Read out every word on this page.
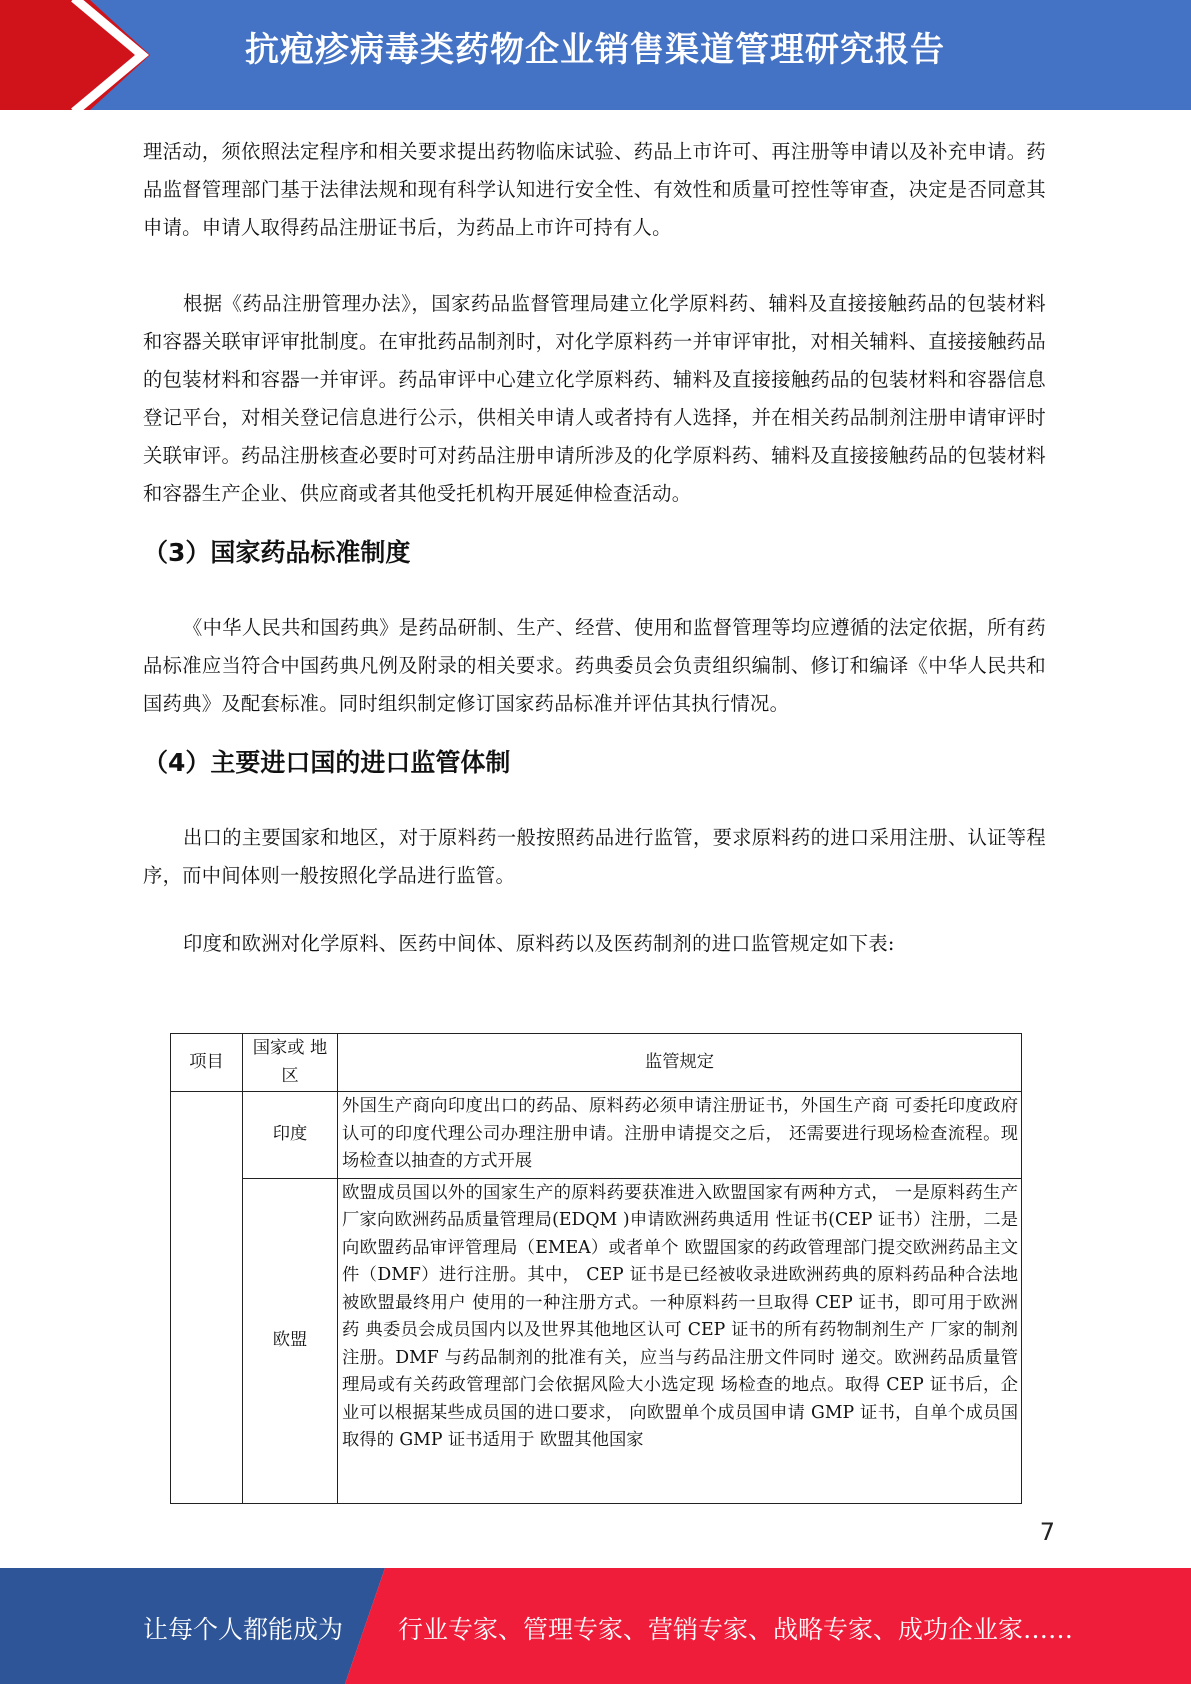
抗疱疹病毒类药物企业销售渠道管理研究报告

理活动，须依照法定程序和相关要求提出药物临床试验、药品上市许可、再注册等申请以及补充申请。药品监督管理部门基于法律法规和现有科学认知进行安全性、有效性和质量可控性等审查，决定是否同意其申请。申请人取得药品注册证书后，为药品上市许可持有人。

根据《药品注册管理办法》，国家药品监督管理局建立化学原料药、辅料及直接接触药品的包装材料和容器关联审评审批制度。在审批药品制剂时，对化学原料药一并审评审批，对相关辅料、直接接触药品的包装材料和容器一并审评。药品审评中心建立化学原料药、辅料及直接接触药品的包装材料和容器信息登记平台，对相关登记信息进行公示，供相关申请人或者持有人选择，并在相关药品制剂注册申请审评时关联审评。药品注册核查必要时可对药品注册申请所涉及的化学原料药、辅料及直接接触药品的包装材料和容器生产企业、供应商或者其他受托机构开展延伸检查活动。

（3）国家药品标准制度

《中华人民共和国药典》是药品研制、生产、经营、使用和监督管理等均应遵循的法定依据，所有药品标准应当符合中国药典凡例及附录的相关要求。药典委员会负责组织编制、修订和编译《中华人民共和国药典》及配套标准。同时组织制定修订国家药品标准并评估其执行情况。

（4）主要进口国的进口监管体制

出口的主要国家和地区，对于原料药一般按照药品进行监管，要求原料药的进口采用注册、认证等程序，而中间体则一般按照化学品进行监管。

印度和欧洲对化学原料、医药中间体、原料药以及医药制剂的进口监管规定如下表:

项目	国家或 地区	监管规定
	印度	外国生产商向印度出口的药品、原料药必须申请注册证书，外国生产商 可委托印度政府认可的印度代理公司办理注册申请。注册申请提交之后， 还需要进行现场检查流程。现场检查以抽查的方式开展
	欧盟	欧盟成员国以外的国家生产的原料药要获准进入欧盟国家有两种方式， 一是原料药生产厂家向欧洲药品质量管理局(EDQM )申请欧洲药典适用 性证书(CEP 证书）注册，二是向欧盟药品审评管理局（EMEA）或者单个 欧盟国家的药政管理部门提交欧洲药品主文件（DMF）进行注册。其中， CEP 证书是已经被收录进欧洲药典的原料药品种合法地被欧盟最终用户 使用的一种注册方式。一种原料药一旦取得 CEP 证书，即可用于欧洲药 典委员会成员国内以及世界其他地区认可 CEP 证书的所有药物制剂生产 厂家的制剂注册。DMF 与药品制剂的批准有关，应当与药品注册文件同时 递交。欧洲药品质量管理局或有关药政管理部门会依据风险大小选定现 场检查的地点。取得 CEP 证书后，企业可以根据某些成员国的进口要求， 向欧盟单个成员国申请 GMP 证书，自单个成员国取得的 GMP 证书适用于 欧盟其他国家
7
让每个人都能成为 行业专家、管理专家、营销专家、战略专家、成功企业家……
